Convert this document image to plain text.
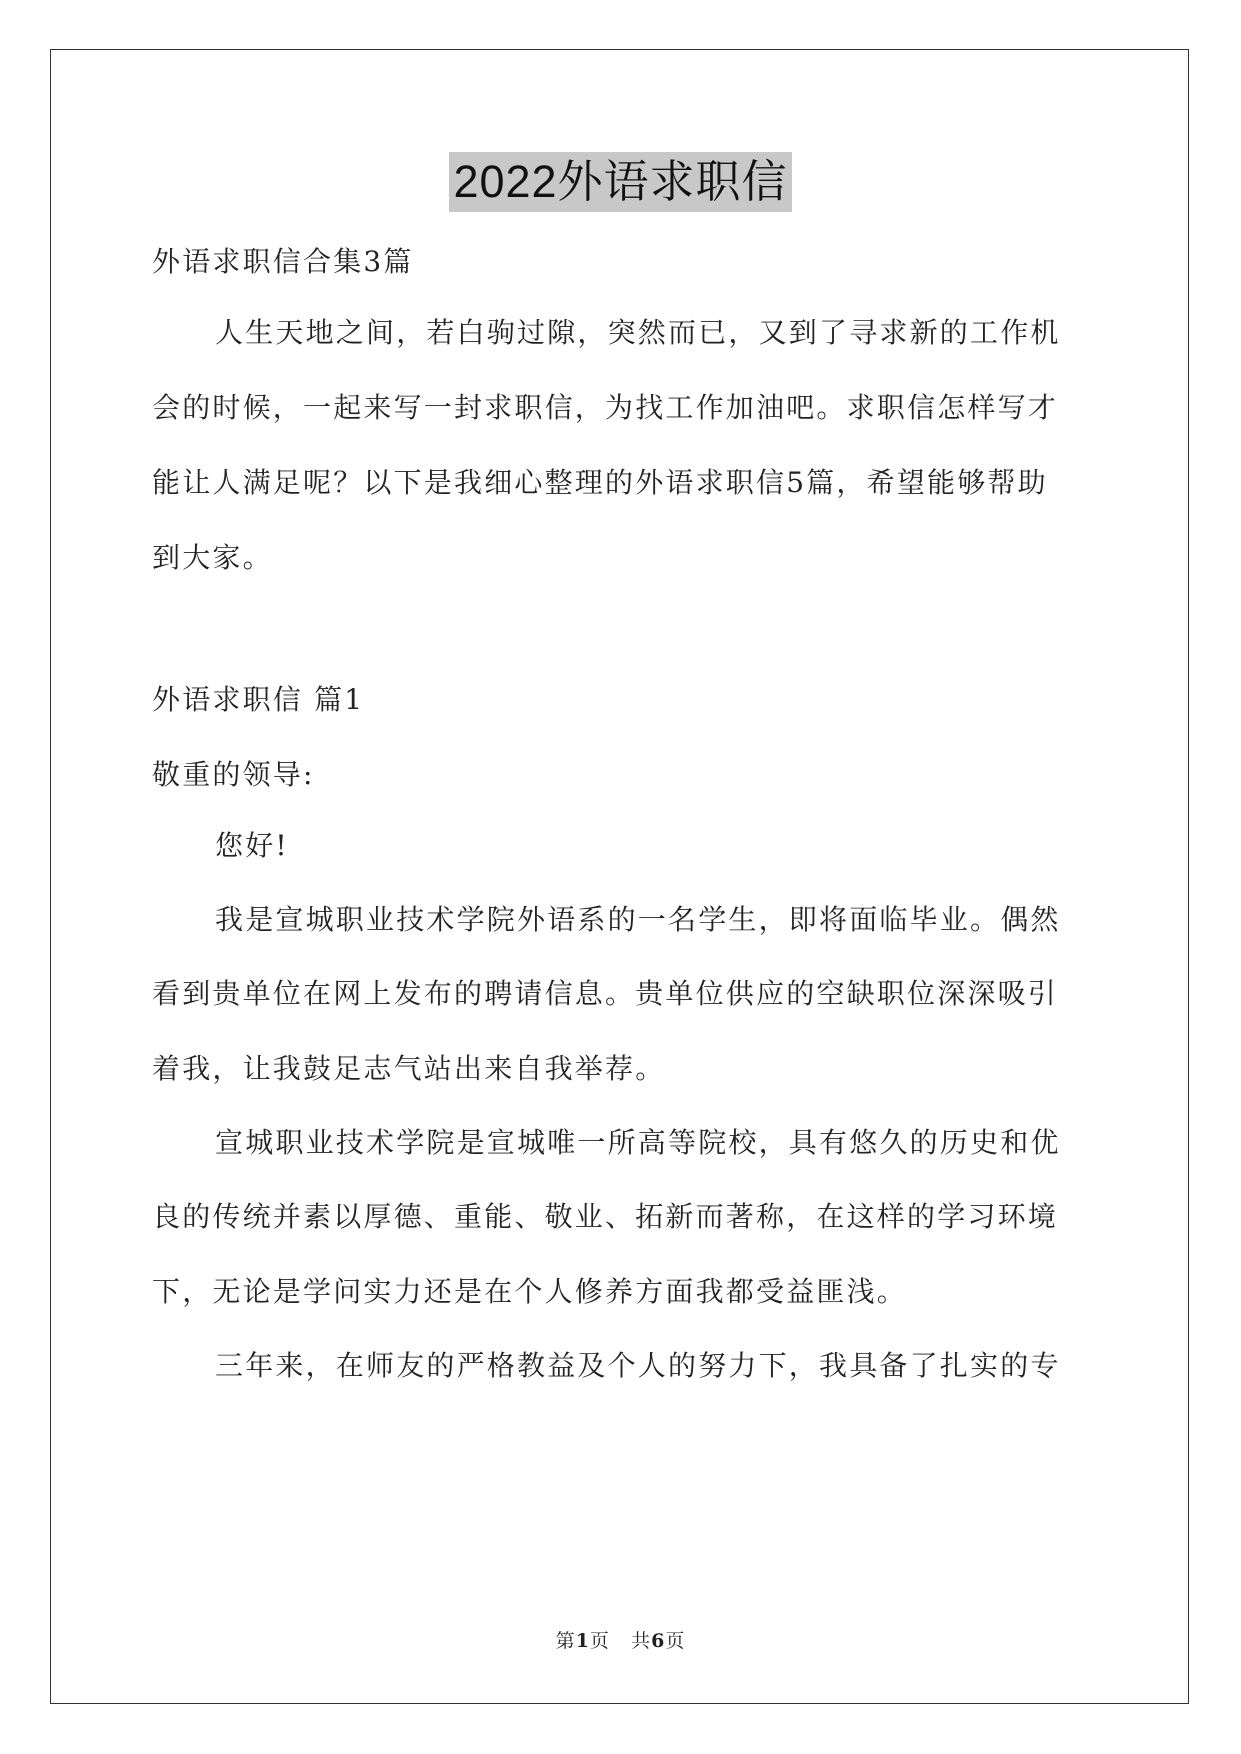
2022外语求职信
外语求职信合集3篇
人生天地之间，若白驹过隙，突然而已，又到了寻求新的工作机
会的时候，一起来写一封求职信，为找工作加油吧。求职信怎样写才
能让人满足呢？以下是我细心整理的外语求职信5篇，希望能够帮助
到大家。
外语求职信 篇1
敬重的领导:
您好!
我是宣城职业技术学院外语系的一名学生，即将面临毕业。偶然
看到贵单位在网上发布的聘请信息。贵单位供应的空缺职位深深吸引
着我，让我鼓足志气站出来自我举荐。
宣城职业技术学院是宣城唯一所高等院校，具有悠久的历史和优
良的传统并素以厚德、重能、敬业、拓新而著称，在这样的学习环境
下，无论是学问实力还是在个人修养方面我都受益匪浅。
三年来，在师友的严格教益及个人的努力下，我具备了扎实的专
第1页 共6页
